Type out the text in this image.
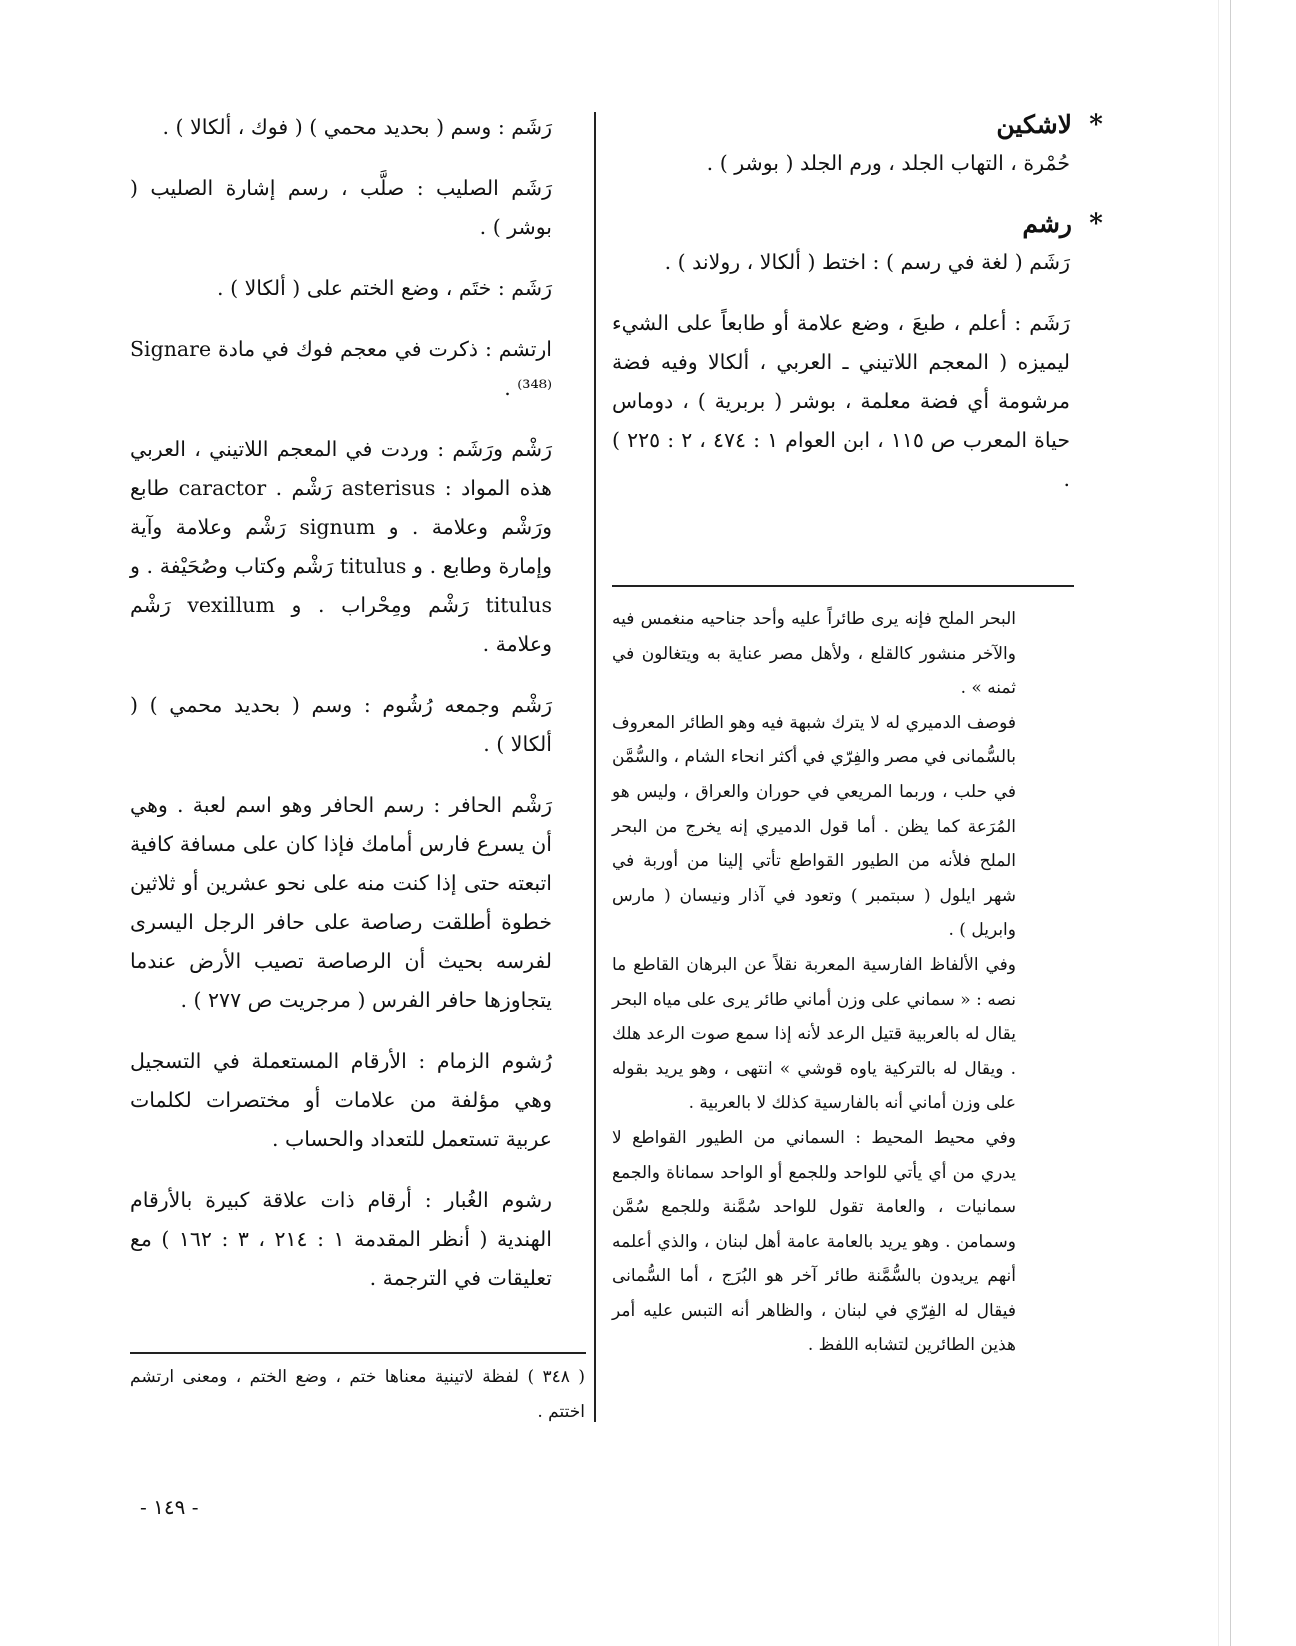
*
لاشكين

حُمْرة ، التهاب الجلد ، ورم الجلد ( بوشر ) .

*
رشم

رَشَم ( لغة في رسم ) : اختط ( ألكالا ، رولاند ) .

رَشَم : أعلم ، طبعَ ، وضع علامة أو طابعاً على الشيء ليميزه ( المعجم اللاتيني ـ العربي ، ألكالا وفيه فضة مرشومة أي فضة معلمة ، بوشر ( بربرية ) ، دوماس حياة المعرب ص ١١٥ ، ابن العوام ١ : ٤٧٤ ، ٢ : ٢٢٥ ) .

البحر الملح فإنه يرى طائراً عليه وأحد جناحيه منغمس فيه والآخر منشور كالقلع ، ولأهل مصر عناية به ويتغالون في ثمنه » .

فوصف الدميري له لا يترك شبهة فيه وهو الطائر المعروف بالسُّمانى في مصر والفِرّي في أكثر انحاء الشام ، والسُّمَّن في حلب ، وربما المريعي في حوران والعراق ، وليس هو المُرَعة كما يظن . أما قول الدميري إنه يخرج من البحر الملح فلأنه من الطيور القواطع تأتي إلينا من أوربة في شهر ايلول ( سبتمبر ) وتعود في آذار ونيسان ( مارس وابريل ) .

وفي الألفاظ الفارسية المعربة نقلاً عن البرهان القاطع ما نصه : « سماني على وزن أماني طائر يرى على مياه البحر يقال له بالعربية قتيل الرعد لأنه إذا سمع صوت الرعد هلك . ويقال له بالتركية ياوه قوشي » انتهى ، وهو يريد بقوله على وزن أماني أنه بالفارسية كذلك لا بالعربية .

وفي محيط المحيط : السماني من الطيور القواطع لا يدري من أي يأتي للواحد وللجمع أو الواحد سماناة والجمع سمانيات ، والعامة تقول للواحد سُمَّنة وللجمع سُمَّن وسمامن . وهو يريد بالعامة عامة أهل لبنان ، والذي أعلمه أنهم يريدون بالسُّمَّنة طائر آخر هو البُرَج ، أما السُّمانى فيقال له الفِرّي في لبنان ، والظاهر أنه التبس عليه أمر هذين الطائرين لتشابه اللفظ .

رَشَم : وسم ( بحديد محمي ) ( فوك ، ألكالا ) .

رَشَم الصليب : صلَّب ، رسم إشارة الصليب ( بوشر ) .

رَشَم : ختَم ، وضع الختم على ( ألكالا ) .

ارتشم : ذكرت في معجم فوك في مادة Signare ⁽³⁴⁸⁾ .

رَشْم ورَشَم : وردت في المعجم اللاتيني ، العربي هذه المواد : asterisus رَشْم . caractor طابع ورَشْم وعلامة . و signum رَشْم وعلامة وآية وإمارة وطابع . و titulus رَشْم وكتاب وصُحَيْفة . و titulus رَشْم ومِحْراب . و vexillum رَشْم وعلامة .

رَشْم وجمعه رُشُوم : وسم ( بحديد محمي ) ( ألكالا ) .

رَشْم الحافر : رسم الحافر وهو اسم لعبة . وهي أن يسرع فارس أمامك فإذا كان على مسافة كافية اتبعته حتى إذا كنت منه على نحو عشرين أو ثلاثين خطوة أطلقت رصاصة على حافر الرجل اليسرى لفرسه بحيث أن الرصاصة تصيب الأرض عندما يتجاوزها حافر الفرس ( مرجريت ص ٢٧٧ ) .

رُشوم الزمام : الأرقام المستعملة في التسجيل وهي مؤلفة من علامات أو مختصرات لكلمات عربية تستعمل للتعداد والحساب .

رشوم الغُبار : أرقام ذات علاقة كبيرة بالأرقام الهندية ( أنظر المقدمة ١ : ٢١٤ ، ٣ : ١٦٢ ) مع تعليقات في الترجمة .

( ٣٤٨ ) لفظة لاتينية معناها ختم ، وضع الختم ، ومعنى ارتشم اختتم .
- ١٤٩ -
